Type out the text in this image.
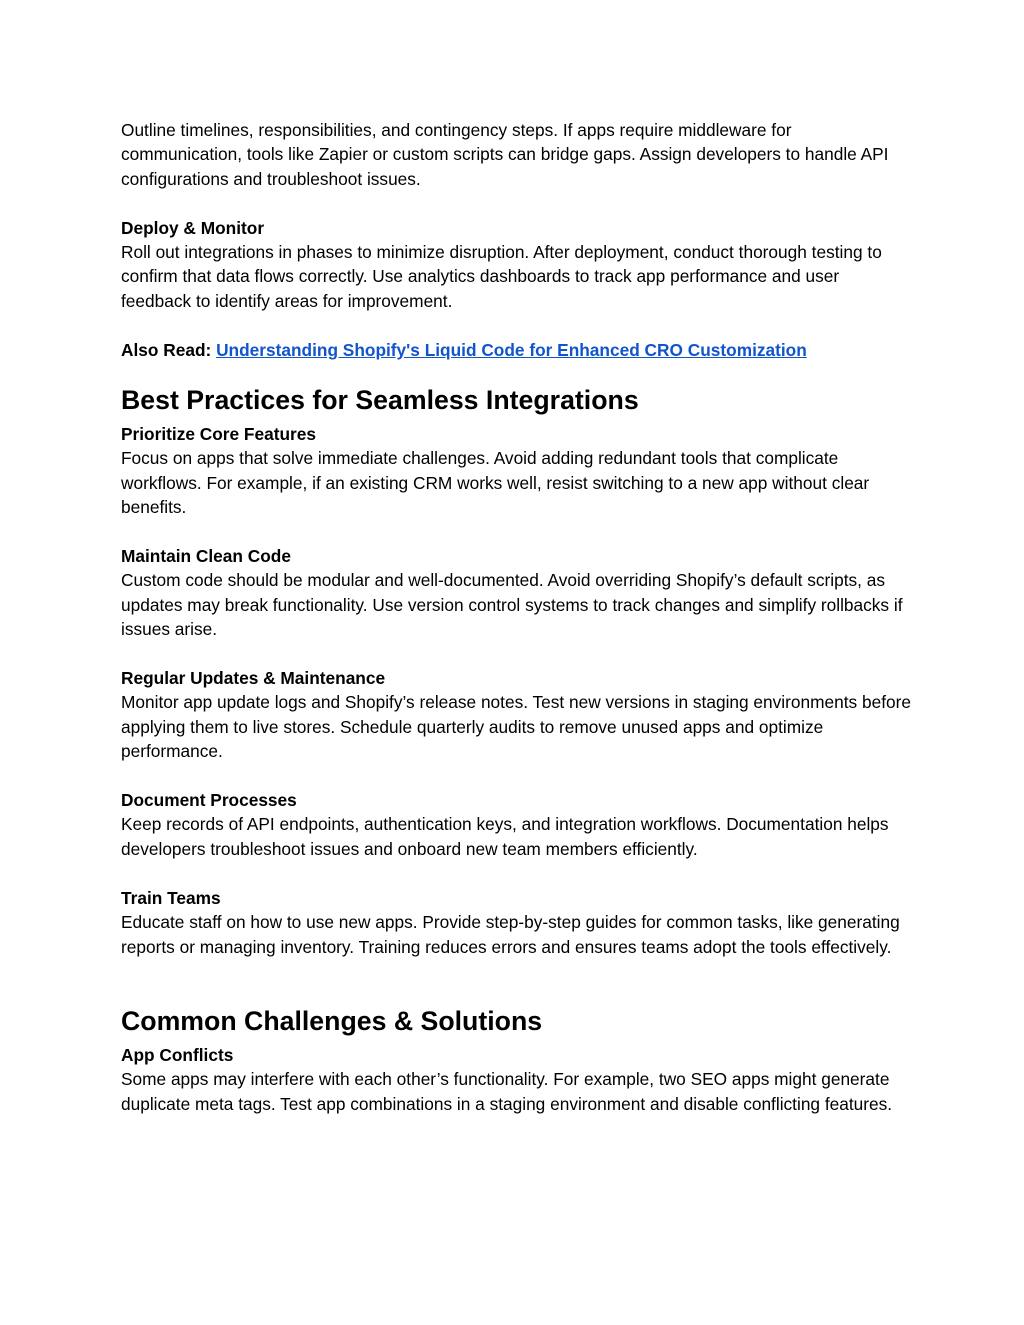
Outline timelines, responsibilities, and contingency steps. If apps require middleware for communication, tools like Zapier or custom scripts can bridge gaps. Assign developers to handle API configurations and troubleshoot issues.

Deploy & Monitor
Roll out integrations in phases to minimize disruption. After deployment, conduct thorough testing to confirm that data flows correctly. Use analytics dashboards to track app performance and user feedback to identify areas for improvement.

Also Read: Understanding Shopify's Liquid Code for Enhanced CRO Customization

Best Practices for Seamless Integrations

Prioritize Core Features
Focus on apps that solve immediate challenges. Avoid adding redundant tools that complicate workflows. For example, if an existing CRM works well, resist switching to a new app without clear benefits.

Maintain Clean Code
Custom code should be modular and well-documented. Avoid overriding Shopify’s default scripts, as updates may break functionality. Use version control systems to track changes and simplify rollbacks if issues arise.

Regular Updates & Maintenance
Monitor app update logs and Shopify’s release notes. Test new versions in staging environments before applying them to live stores. Schedule quarterly audits to remove unused apps and optimize performance.

Document Processes
Keep records of API endpoints, authentication keys, and integration workflows. Documentation helps developers troubleshoot issues and onboard new team members efficiently.

Train Teams
Educate staff on how to use new apps. Provide step-by-step guides for common tasks, like generating reports or managing inventory. Training reduces errors and ensures teams adopt the tools effectively.

Common Challenges & Solutions

App Conflicts
Some apps may interfere with each other’s functionality. For example, two SEO apps might generate duplicate meta tags. Test app combinations in a staging environment and disable conflicting features.
